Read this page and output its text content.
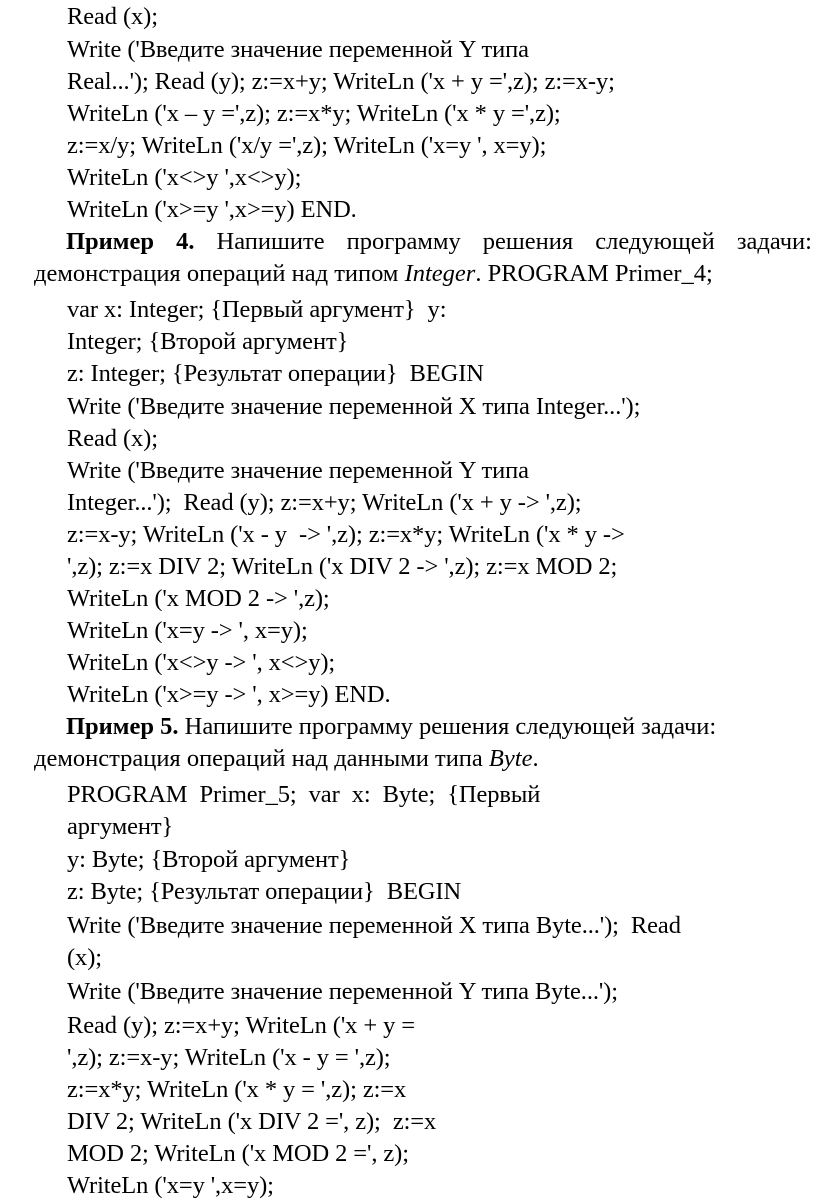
Read (x);
Write ('Введите значение переменной Y типа
Real...'); Read (y); z:=x+y; WriteLn ('x + y =',z); z:=x-y;
WriteLn ('x – y =',z); z:=x*y; WriteLn ('x * y =',z);
z:=x/y; WriteLn ('x/y =',z); WriteLn ('x=y ', x=y);
WriteLn ('x<>y ',x<>y);
WriteLn ('x>=y ',x>=y) END.
Пример 4. Напишите программу решения следующей задачи:
демонстрация операций над типом Integer. PROGRAM Primer_4;
var x: Integer; {Первый аргумент}  y:
Integer; {Второй аргумент}
z: Integer; {Результат операции}  BEGIN
Write ('Введите значение переменной X типа Integer...');
Read (x);
Write ('Введите значение переменной Y типа
Integer...');  Read (y); z:=x+y; WriteLn ('x + y -> ',z);
z:=x-y; WriteLn ('x - y  -> ',z); z:=x*y; WriteLn ('x * y ->
',z); z:=x DIV 2; WriteLn ('x DIV 2 -> ',z); z:=x MOD 2;
WriteLn ('x MOD 2 -> ',z);
WriteLn ('x=y -> ', x=y);
WriteLn ('x<>y -> ', x<>y);
WriteLn ('x>=y -> ', x>=y) END.
Пример 5. Напишите программу решения следующей задачи:
демонстрация операций над данными типа Byte.
PROGRAM  Primer_5;  var  x:  Byte;  {Первый
аргумент}
y: Byte; {Второй аргумент}
z: Byte; {Результат операции}  BEGIN
Write ('Введите значение переменной X типа Byte...');  Read
(x);
Write ('Введите значение переменной Y типа Byte...');
Read (y); z:=x+y; WriteLn ('x + y =
',z); z:=x-y; WriteLn ('x - y = ',z);
z:=x*y; WriteLn ('x * y = ',z); z:=x
DIV 2; WriteLn ('x DIV 2 =', z);  z:=x
MOD 2; WriteLn ('x MOD 2 =', z);
WriteLn ('x=y ',x=y);
